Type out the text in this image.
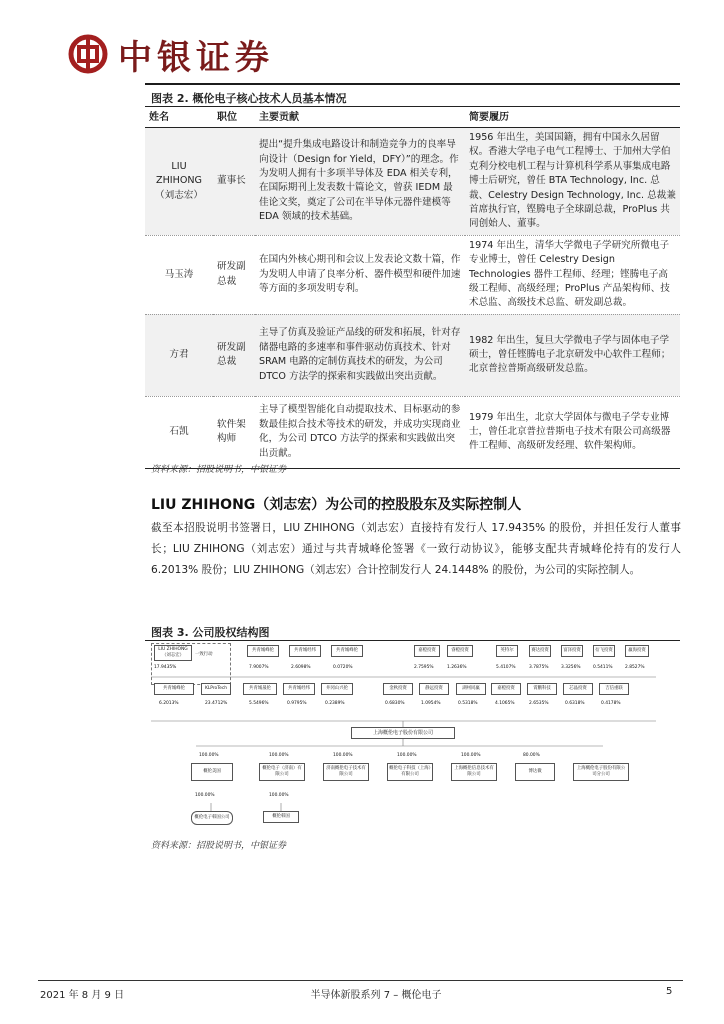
中银证券
图表 2. 概伦电子核心技术人员基本情况
姓名	职位	主要贡献	简要履历
LIU ZHIHONG（刘志宏）	董事长	提出“提升集成电路设计和制造竞争力的良率导向设计（Design for Yield，DFY）”的理念。作为发明人拥有十多项半导体及 EDA 相关专利，在国际期刊上发表数十篇论文，曾获 IEDM 最佳论文奖，奠定了公司在半导体元器件建模等 EDA 领域的技术基础。	1956 年出生，美国国籍，拥有中国永久居留权。香港大学电子电气工程博士、于加州大学伯克利分校电机工程与计算机科学系从事集成电路博士后研究，曾任 BTA Technology, Inc. 总裁、Celestry Design Technology, Inc. 总裁兼首席执行官，铿腾电子全球副总裁，ProPlus 共同创始人、董事。
马玉涛	研发副总裁	在国内外核心期刊和会议上发表论文数十篇，作为发明人申请了良率分析、器件模型和硬件加速等方面的多项发明专利。	1974 年出生，清华大学微电子学研究所微电子专业博士，曾任 Celestry Design Technologies 器件工程师、经理；铿腾电子高级工程师、高级经理；ProPlus 产品架构师、技术总监、高级技术总监、研发副总裁。
方君	研发副总裁	主导了仿真及验证产品线的研发和拓展，针对存储器电路的多速率和事件驱动仿真技术、针对 SRAM 电路的定制仿真技术的研发，为公司 DTCO 方法学的探索和实践做出突出贡献。	1982 年出生，复旦大学微电子学与固体电子学硕士，曾任铿腾电子北京研发中心软件工程师；北京普拉普斯高级研发总监。
石凯	软件架构师	主导了模型智能化自动提取技术、目标驱动的参数最佳拟合技术等技术的研发，并成功实现商业化，为公司 DTCO 方法学的探索和实践做出突出贡献。	1979 年出生，北京大学固体与微电子学专业博士，曾任北京普拉普斯电子技术有限公司高级器件工程师、高级研发经理、软件架构师。
资料来源：招股说明书，中银证券
LIU ZHIHONG（刘志宏）为公司的控股股东及实际控制人
截至本招股说明书签署日，LIU ZHIHONG（刘志宏）直接持有发行人 17.9435% 的股份，并担任发行人董事长；LIU ZHIHONG（刘志宏）通过与共青城峰伦签署《一致行动协议》，能够支配共青城峰伦持有的发行人 6.2013% 股份；LIU ZHIHONG（刘志宏）合计控制发行人 24.1448% 的股份，为公司的实际控制人。
图表 3. 公司股权结构图
LIU ZHIHONG（刘志宏）	一致行动
17.9435%
共青城峰伦
7.9007%
共青城经纬
2.6098%
共青城峰伦
0.0720%
嘉橙投资
2.7595%
睿橙投资
1.2636%
英特尔
5.4107%
赛达投资
3.7875%
富泽投资
3.3256%
衍飞投资
0.5411%
赢海投资
2.8527%
共青城峰伦
6.2013%
KLProTech
23.4712%
共青城晟伦
5.5496%
共青城经纬
0.9795%
井冈山兴伦
0.2389%
金秋投资
0.6830%
静远投资
1.0954%
湖州同赢
0.5318%
嘉橙投资
4.1065%
霄鹏科技
2.6535%
芯晶投资
0.6318%
吉信重联
0.4178%
上海概伦电子股份有限公司
100.00%
概伦美国
100.00%
概伦电子（济南）有限公司
100.00%
济南概伦电子技术有限公司
100.00%
概伦电子科技（上海）有限公司
100.00%
上海概伦信息技术有限公司
80.00%
博达微
上海概伦电子股份有限公司分公司
100.00%
概伦电子韩国公司
100.00%
概伦韩国
资料来源：招股说明书，中银证券
2021 年 8 月 9 日	半导体新股系列 7 – 概伦电子	5
